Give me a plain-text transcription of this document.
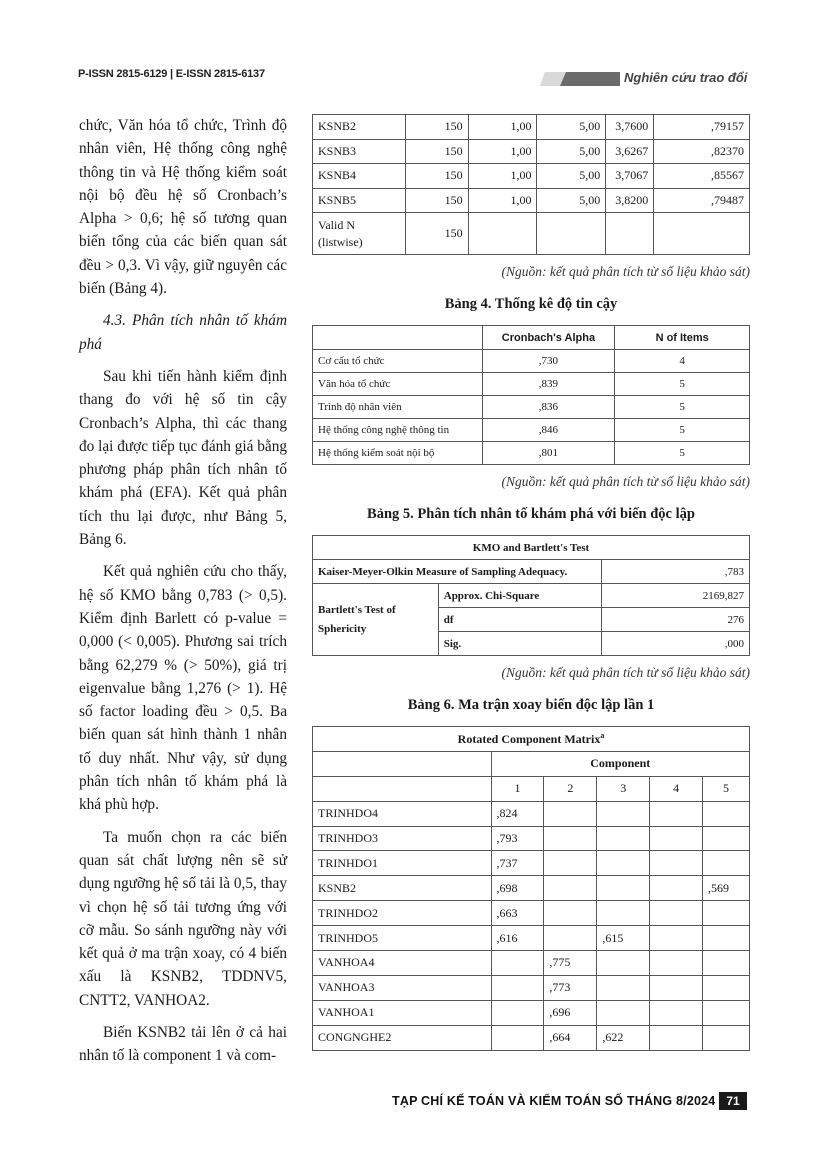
P-ISSN 2815-6129 | E-ISSN 2815-6137	Nghiên cứu trao đổi

chức, Văn hóa tổ chức, Trình độ nhân viên, Hệ thống công nghệ thông tin và Hệ thống kiểm soát nội bộ đều hệ số Cronbach’s Alpha > 0,6; hệ số tương quan biến tổng của các biến quan sát đều > 0,3. Vì vậy, giữ nguyên các biến (Bảng 4).

4.3. Phân tích nhân tố khám phá

Sau khi tiến hành kiểm định thang đo với hệ số tin cậy Cronbach’s Alpha, thì các thang đo lại được tiếp tục đánh giá bằng phương pháp phân tích nhân tố khám phá (EFA). Kết quả phân tích thu lại được, như Bảng 5, Bảng 6.

Kết quả nghiên cứu cho thấy, hệ số KMO bằng 0,783 (> 0,5). Kiểm định Barlett có p-value = 0,000 (< 0,005). Phương sai trích bằng 62,279 % (> 50%), giá trị eigenvalue bằng 1,276 (> 1). Hệ số factor loading đều > 0,5. Ba biến quan sát hình thành 1 nhân tố duy nhất. Như vậy, sử dụng phân tích nhân tố khám phá là khá phù hợp.

Ta muốn chọn ra các biến quan sát chất lượng nên sẽ sử dụng ngưỡng hệ số tải là 0,5, thay vì chọn hệ số tải tương ứng với cỡ mẫu. So sánh ngưỡng này với kết quả ở ma trận xoay, có 4 biến xấu là KSNB2, TDDNV5, CNTT2, VANHOA2.

Biến KSNB2 tải lên ở cả hai nhân tố là component 1 và com-

KSNB2	150	1,00	5,00	3,7600	,79157
KSNB3	150	1,00	5,00	3,6267	,82370
KSNB4	150	1,00	5,00	3,7067	,85567
KSNB5	150	1,00	5,00	3,8200	,79487
Valid N
(listwise)	150				
(Nguồn: kết quả phân tích từ số liệu khảo sát)
Bảng 4. Thống kê độ tin cậy
	Cronbach's Alpha	N of Items
Cơ cấu tổ chức	,730	4
Văn hóa tổ chức	,839	5
Trình độ nhân viên	,836	5
Hệ thống công nghệ thông tin	,846	5
Hệ thống kiểm soát nội bộ	,801	5
(Nguồn: kết quả phân tích từ số liệu khảo sát)
Bảng 5. Phân tích nhân tố khám phá với biến độc lập
KMO and Bartlett's Test		
Kaiser-Meyer-Olkin Measure of Sampling Adequacy.		,783
Bartlett's Test of Sphericity	Approx. Chi-Square	2169,827
	df	276
	Sig.	,000
(Nguồn: kết quả phân tích từ số liệu khảo sát)
Bảng 6. Ma trận xoay biến độc lập lần 1
Rotated Component Matrix$^a$
	Component				
	1	2	3	4	5
TRINHDO4	,824				
TRINHDO3	,793				
TRINHDO1	,737				
KSNB2	,698				,569
TRINHDO2	,663				
TRINHDO5	,616		,615		
VANHOA4		,775			
VANHOA3		,773			
VANHOA1		,696			
CONGNGHE2		,664	,622		
TẠP CHÍ KẾ TOÁN VÀ KIỂM TOÁN SỐ THÁNG 8/2024 71
